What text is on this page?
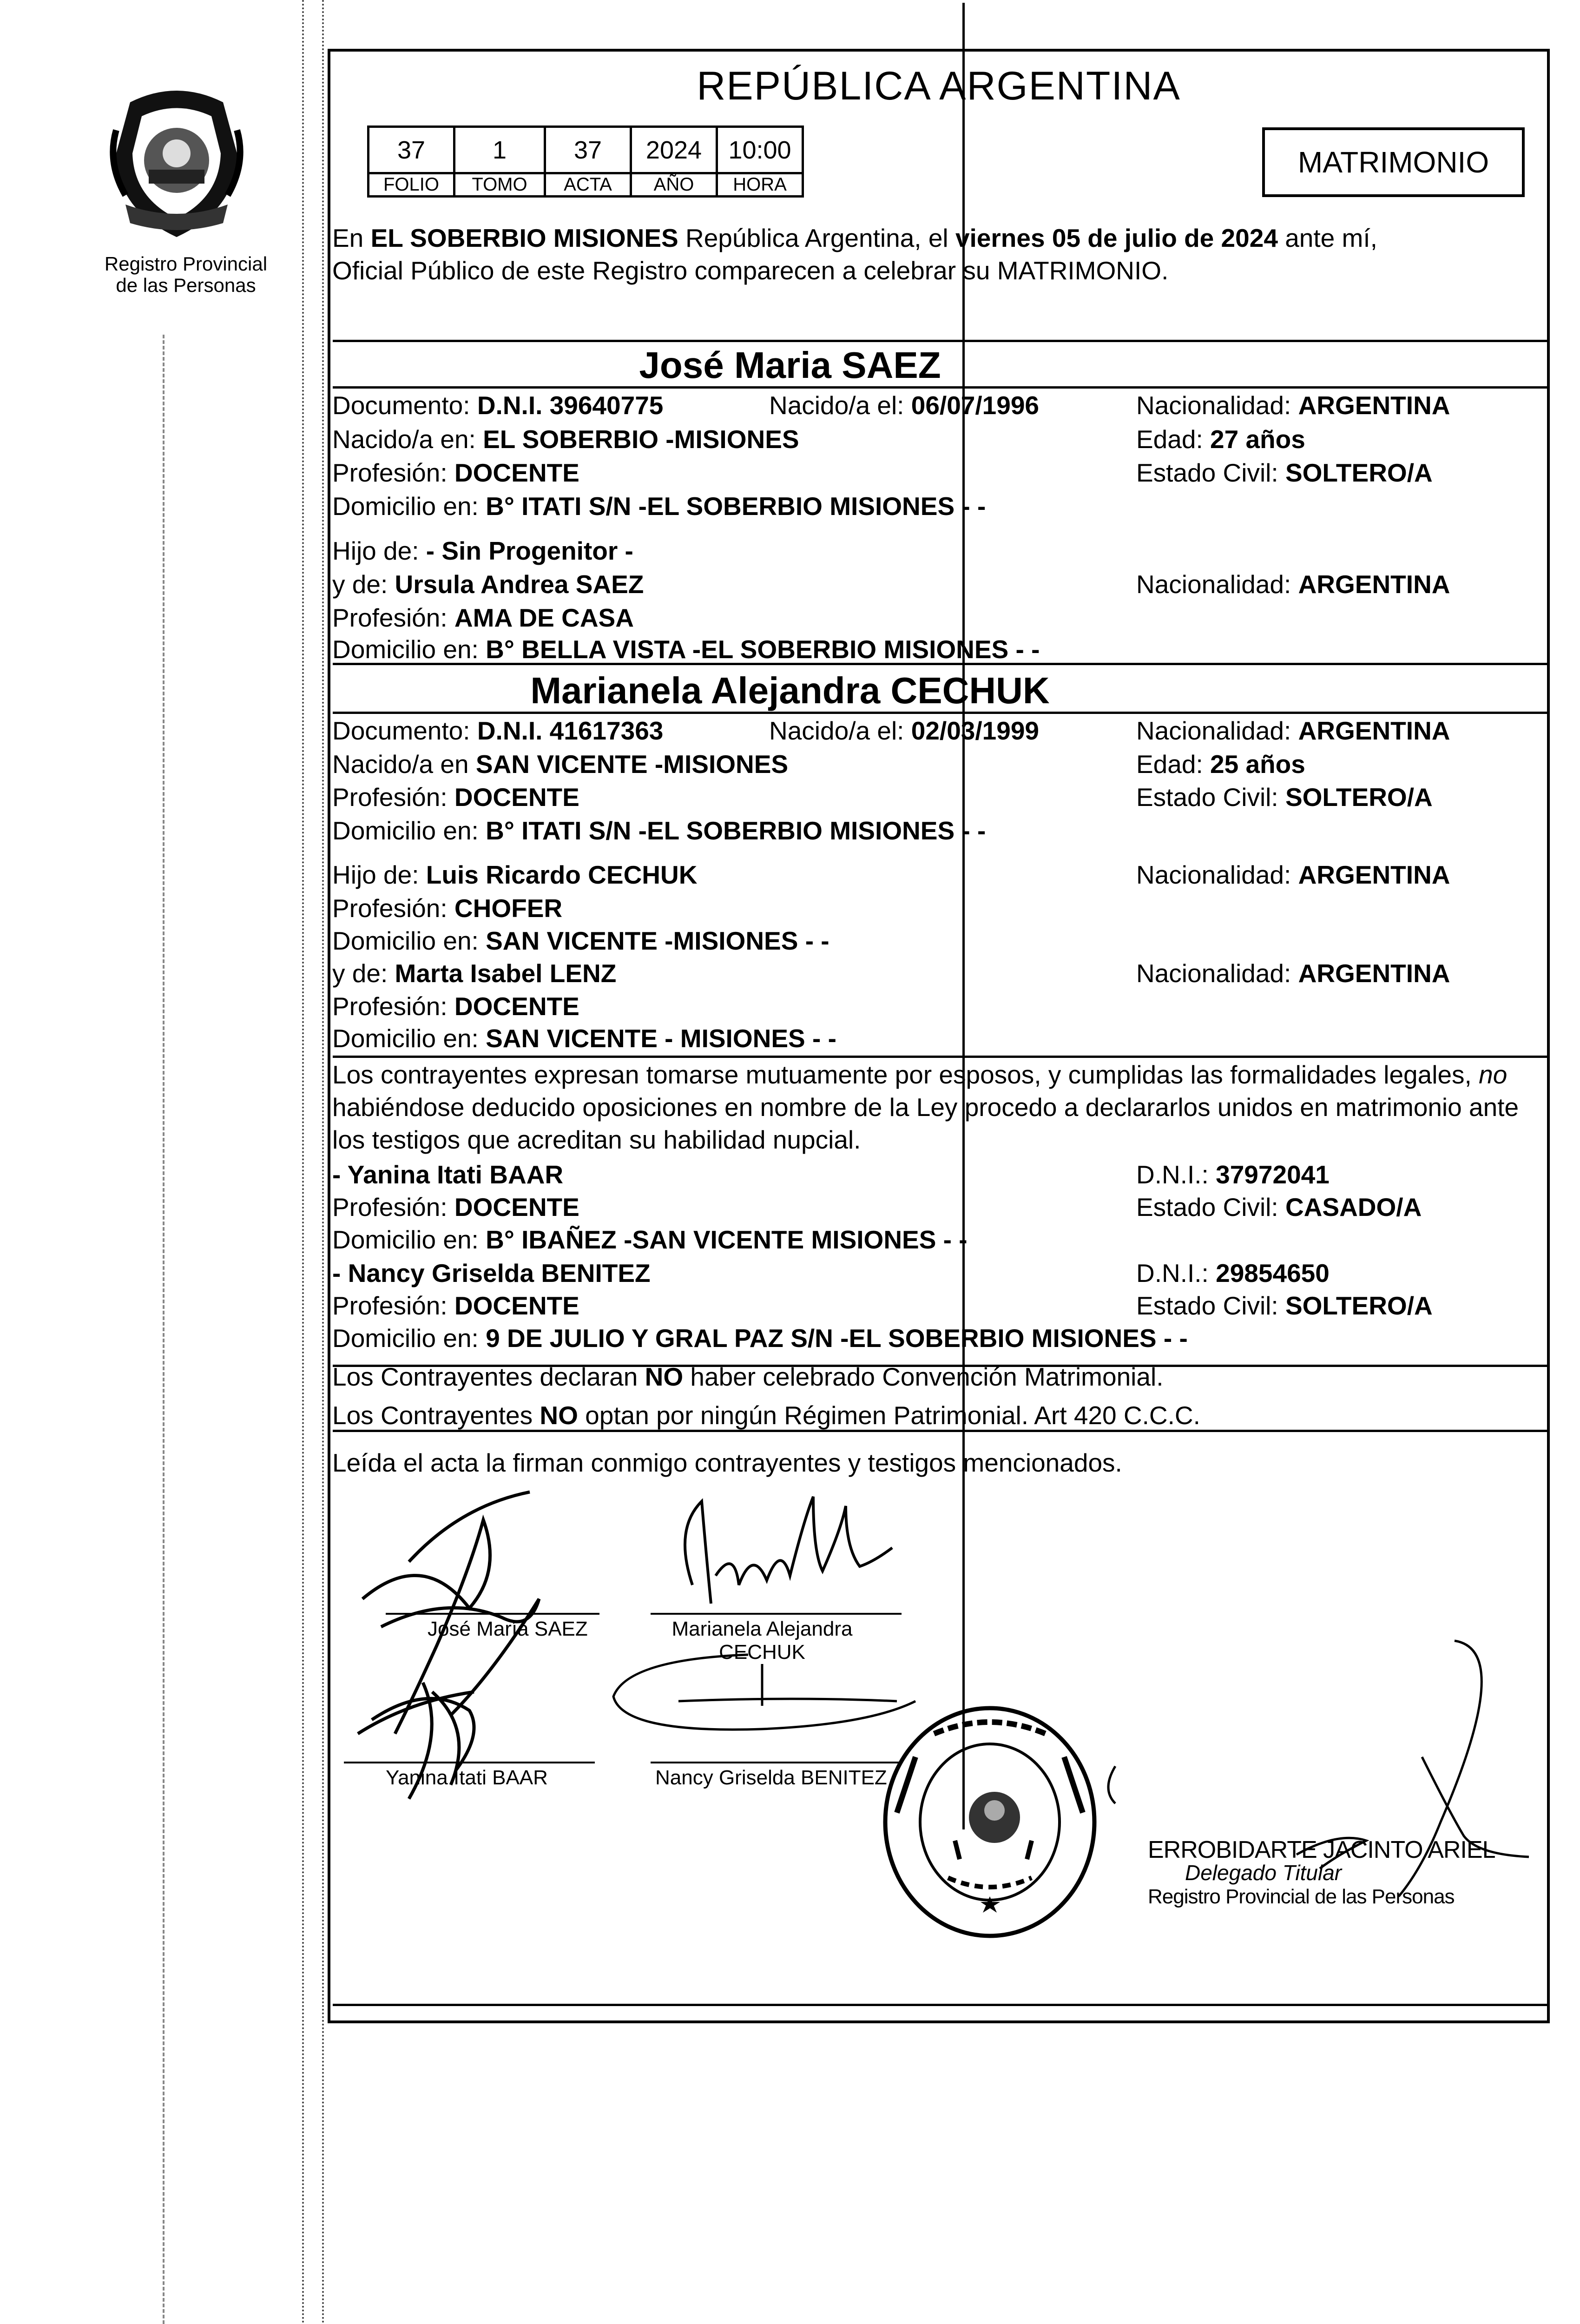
Registro Provincial
de las Personas
REPÚBLICA ARGENTINA
MATRIMONIO
37	1	37	2024	10:00
FOLIO	TOMO	ACTA	AÑO	HORA
En EL SOBERBIO MISIONES República Argentina, el viernes 05 de julio de 2024 ante mí,
Oficial Público de este Registro comparecen a celebrar su MATRIMONIO.
José Maria SAEZ
Documento: D.N.I. 39640775	Nacido/a el: 06/07/1996	Nacionalidad: ARGENTINA
Nacido/a en: EL SOBERBIO -MISIONES	Edad: 27 años
Profesión: DOCENTE	Estado Civil: SOLTERO/A
Domicilio en: B° ITATI S/N -EL SOBERBIO MISIONES - -
Hijo de: - Sin Progenitor -
y de: Ursula Andrea SAEZ	Nacionalidad: ARGENTINA
Profesión: AMA DE CASA
Domicilio en: B° BELLA VISTA -EL SOBERBIO MISIONES - -
Marianela Alejandra CECHUK
Documento: D.N.I. 41617363	Nacido/a el: 02/03/1999	Nacionalidad: ARGENTINA
Nacido/a en SAN VICENTE -MISIONES	Edad: 25 años
Profesión: DOCENTE	Estado Civil: SOLTERO/A
Domicilio en: B° ITATI S/N -EL SOBERBIO MISIONES - -
Hijo de: Luis Ricardo CECHUK	Nacionalidad: ARGENTINA
Profesión: CHOFER
Domicilio en: SAN VICENTE -MISIONES - -
y de: Marta Isabel LENZ	Nacionalidad: ARGENTINA
Profesión: DOCENTE
Domicilio en: SAN VICENTE - MISIONES - -
Los contrayentes expresan tomarse mutuamente por esposos, y cumplidas las formalidades legales, no
habiéndose deducido oposiciones en nombre de la Ley procedo a declararlos unidos en matrimonio ante
los testigos que acreditan su habilidad nupcial.
- Yanina Itati BAAR	D.N.I.: 37972041
Profesión: DOCENTE	Estado Civil: CASADO/A
Domicilio en: B° IBAÑEZ -SAN VICENTE MISIONES - -
- Nancy Griselda BENITEZ	D.N.I.: 29854650
Profesión: DOCENTE	Estado Civil: SOLTERO/A
Domicilio en: 9 DE JULIO Y GRAL PAZ S/N -EL SOBERBIO MISIONES - -
Los Contrayentes declaran NO haber celebrado Convención Matrimonial.
Los Contrayentes NO optan por ningún Régimen Patrimonial. Art 420 C.C.C.
Leída el acta la firman conmigo contrayentes y testigos mencionados.
José María SAEZ	Marianela Alejandra
CECHUK
Yanina Itati BAAR	Nancy Griselda BENITEZ
ERROBIDARTE JACINTO ARIEL
Delegado Titular
Registro Provincial de las Personas
